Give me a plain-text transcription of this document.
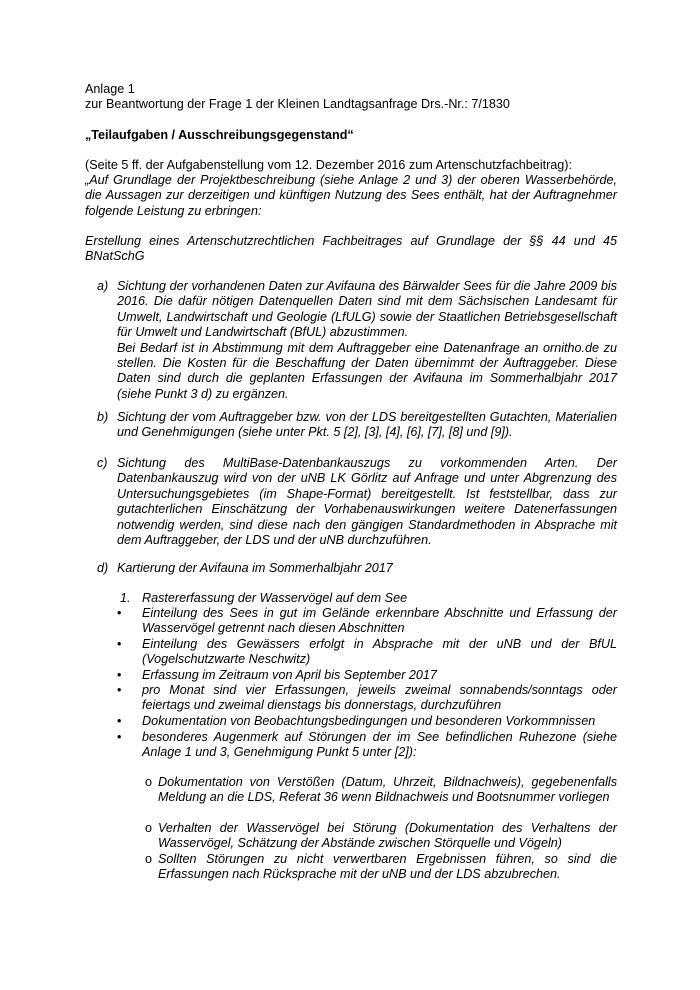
Anlage 1

zur Beantwortung der Frage 1 der Kleinen Landtagsanfrage Drs.-Nr.: 7/1830

„Teilaufgaben / Ausschreibungsgegenstand“

(Seite 5 ff. der Aufgabenstellung vom 12. Dezember 2016 zum Artenschutzfachbeitrag):

„Auf Grundlage der Projektbeschreibung (siehe Anlage 2 und 3) der oberen Wasserbehörde, die Aussagen zur derzeitigen und künftigen Nutzung des Sees enthält, hat der Auftragnehmer folgende Leistung zu erbringen:

Erstellung eines Artenschutzrechtlichen Fachbeitrages auf Grundlage der §§ 44 und 45 BNatSchG

a) Sichtung der vorhandenen Daten zur Avifauna des Bärwalder Sees für die Jahre 2009 bis 2016. Die dafür nötigen Datenquellen Daten sind mit dem Sächsischen Landesamt für Umwelt, Landwirtschaft und Geologie (LfULG) sowie der Staatlichen Betriebsgesellschaft für Umwelt und Landwirtschaft (BfUL) abzustimmen.
Bei Bedarf ist in Abstimmung mit dem Auftraggeber eine Datenanfrage an ornitho.de zu stellen. Die Kosten für die Beschaffung der Daten übernimmt der Auftraggeber. Diese Daten sind durch die geplanten Erfassungen der Avifauna im Sommerhalbjahr 2017 (siehe Punkt 3 d) zu ergänzen.
b) Sichtung der vom Auftraggeber bzw. von der LDS bereitgestellten Gutachten, Materialien und Genehmigungen (siehe unter Pkt. 5 [2], [3], [4], [6], [7], [8] und [9]).
c) Sichtung des MultiBase-Datenbankauszugs zu vorkommenden Arten. Der Datenbankauszug wird von der uNB LK Görlitz auf Anfrage und unter Abgrenzung des Untersuchungsgebietes (im Shape-Format) bereitgestellt. Ist feststellbar, dass zur gutachterlichen Einschätzung der Vorhabenauswirkungen weitere Datenerfassungen notwendig werden, sind diese nach den gängigen Standardmethoden in Absprache mit dem Auftraggeber, der LDS und der uNB durchzuführen.
d) Kartierung der Avifauna im Sommerhalbjahr 2017
1. Rastererfassung der Wasservögel auf dem See
• Einteilung des Sees in gut im Gelände erkennbare Abschnitte und Erfassung der Wasservögel getrennt nach diesen Abschnitten
• Einteilung des Gewässers erfolgt in Absprache mit der uNB und der BfUL (Vogelschutzwarte Neschwitz)
• Erfassung im Zeitraum von April bis September 2017
• pro Monat sind vier Erfassungen, jeweils zweimal sonnabends/sonntags oder feiertags und zweimal dienstags bis donnerstags, durchzuführen
• Dokumentation von Beobachtungsbedingungen und besonderen Vorkommnissen
• besonderes Augenmerk auf Störungen der im See befindlichen Ruhezone (siehe Anlage 1 und 3, Genehmigung Punkt 5 unter [2]):
o Dokumentation von Verstößen (Datum, Uhrzeit, Bildnachweis), gegebenenfalls Meldung an die LDS, Referat 36 wenn Bildnachweis und Bootsnummer vorliegen
o Verhalten der Wasservögel bei Störung (Dokumentation des Verhaltens der Wasservögel, Schätzung der Abstände zwischen Störquelle und Vögeln)
o Sollten Störungen zu nicht verwertbaren Ergebnissen führen, so sind die Erfassungen nach Rücksprache mit der uNB und der LDS abzubrechen.
